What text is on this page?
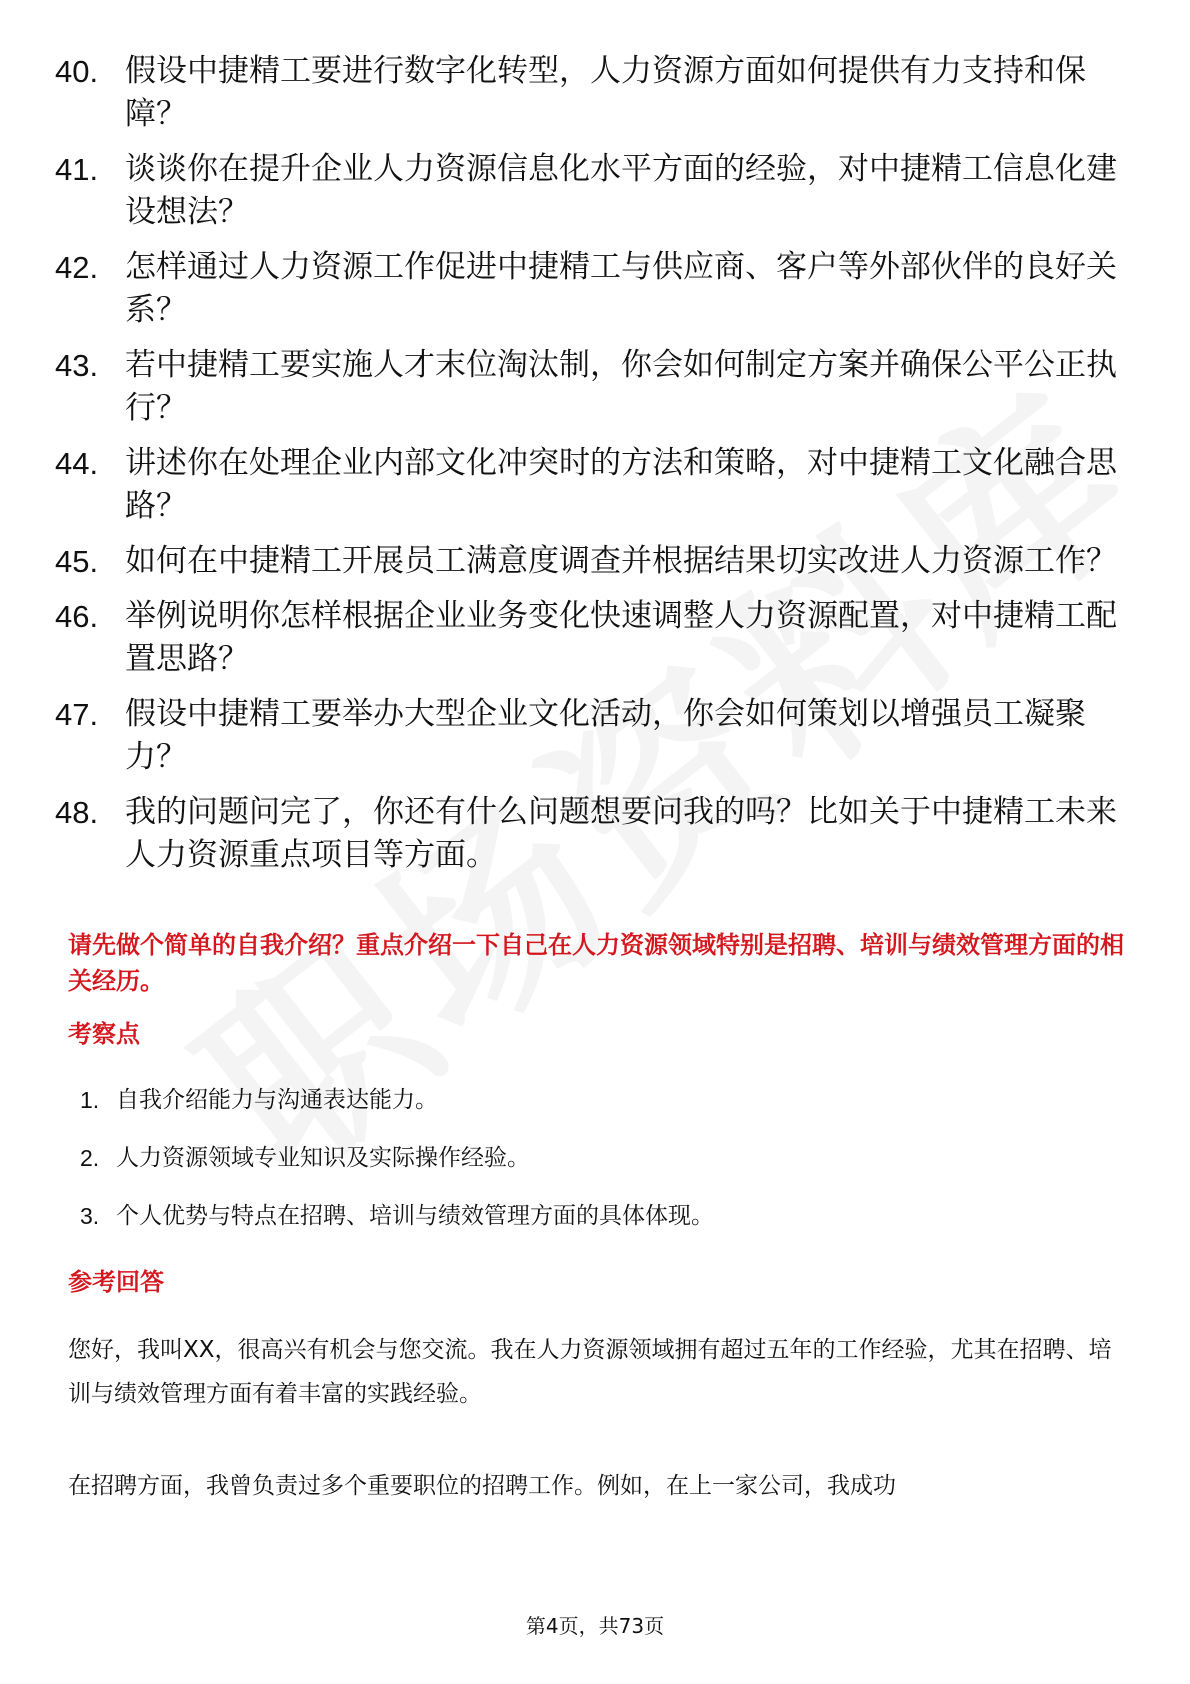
40. 假设中捷精工要进行数字化转型，人力资源方面如何提供有力支持和保障？
41. 谈谈你在提升企业人力资源信息化水平方面的经验，对中捷精工信息化建设想法？
42. 怎样通过人力资源工作促进中捷精工与供应商、客户等外部伙伴的良好关系？
43. 若中捷精工要实施人才末位淘汰制，你会如何制定方案并确保公平公正执行？
44. 讲述你在处理企业内部文化冲突时的方法和策略，对中捷精工文化融合思路？
45. 如何在中捷精工开展员工满意度调查并根据结果切实改进人力资源工作？
46. 举例说明你怎样根据企业业务变化快速调整人力资源配置，对中捷精工配置思路？
47. 假设中捷精工要举办大型企业文化活动，你会如何策划以增强员工凝聚力？
48. 我的问题问完了，你还有什么问题想要问我的吗？比如关于中捷精工未来人力资源重点项目等方面。

请先做个简单的自我介绍？重点介绍一下自己在人力资源领域特别是招聘、培训与绩效管理方面的相关经历。

考察点
1. 自我介绍能力与沟通表达能力。
2. 人力资源领域专业知识及实际操作经验。
3. 个人优势与特点在招聘、培训与绩效管理方面的具体体现。
参考回答

您好，我叫XX，很高兴有机会与您交流。我在人力资源领域拥有超过五年的工作经验，尤其在招聘、培训与绩效管理方面有着丰富的实践经验。

在招聘方面，我曾负责过多个重要职位的招聘工作。例如，在上一家公司，我成功

第4页，共73页
